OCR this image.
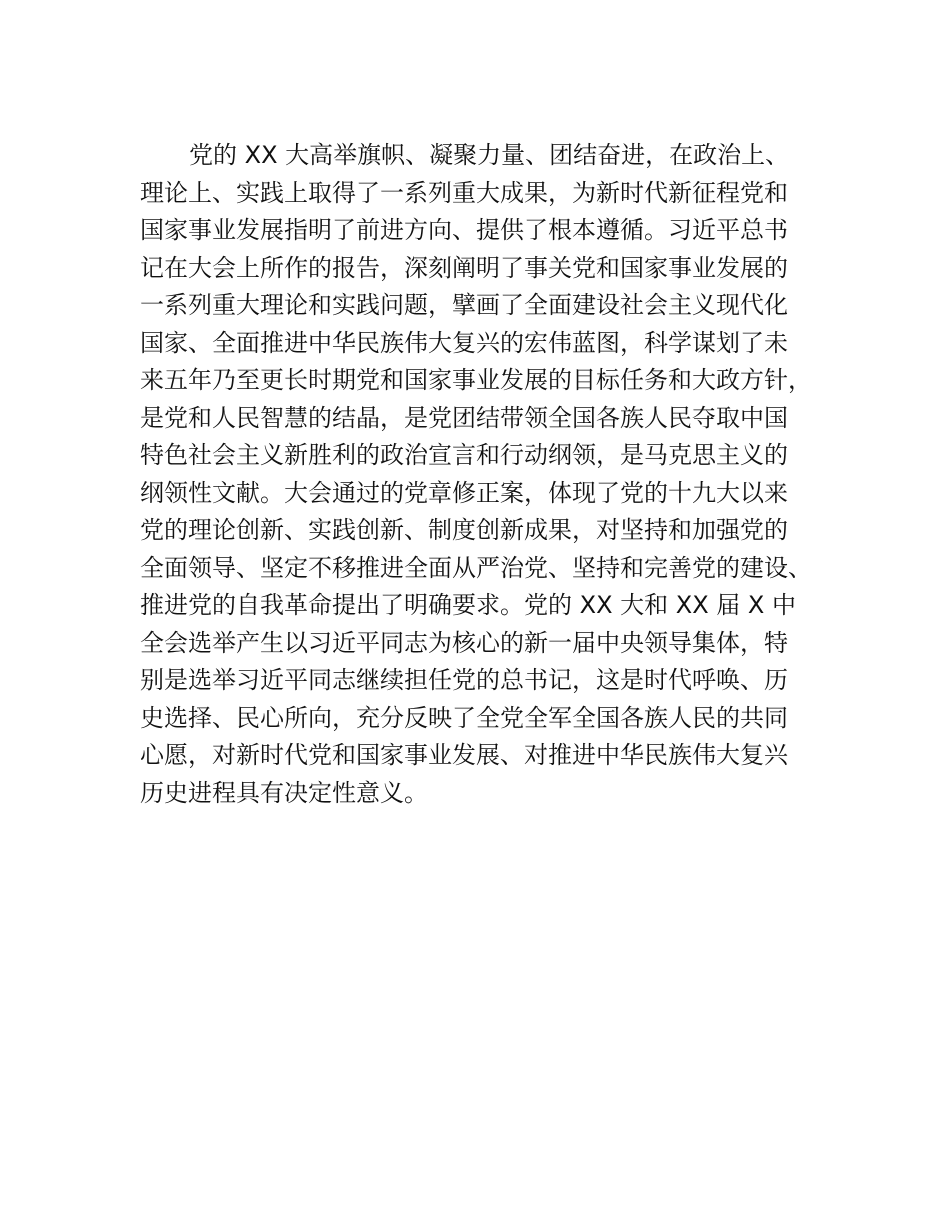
党的 XX 大高举旗帜、凝聚力量、团结奋进，在政治上、
理论上、实践上取得了一系列重大成果，为新时代新征程党和
国家事业发展指明了前进方向、提供了根本遵循。习近平总书
记在大会上所作的报告，深刻阐明了事关党和国家事业发展的
一系列重大理论和实践问题，擘画了全面建设社会主义现代化
国家、全面推进中华民族伟大复兴的宏伟蓝图，科学谋划了未
来五年乃至更长时期党和国家事业发展的目标任务和大政方针，
是党和人民智慧的结晶，是党团结带领全国各族人民夺取中国
特色社会主义新胜利的政治宣言和行动纲领，是马克思主义的
纲领性文献。大会通过的党章修正案，体现了党的十九大以来
党的理论创新、实践创新、制度创新成果，对坚持和加强党的
全面领导、坚定不移推进全面从严治党、坚持和完善党的建设、
推进党的自我革命提出了明确要求。党的 XX 大和 XX 届 X 中
全会选举产生以习近平同志为核心的新一届中央领导集体，特
别是选举习近平同志继续担任党的总书记，这是时代呼唤、历
史选择、民心所向，充分反映了全党全军全国各族人民的共同
心愿，对新时代党和国家事业发展、对推进中华民族伟大复兴
历史进程具有决定性意义。
